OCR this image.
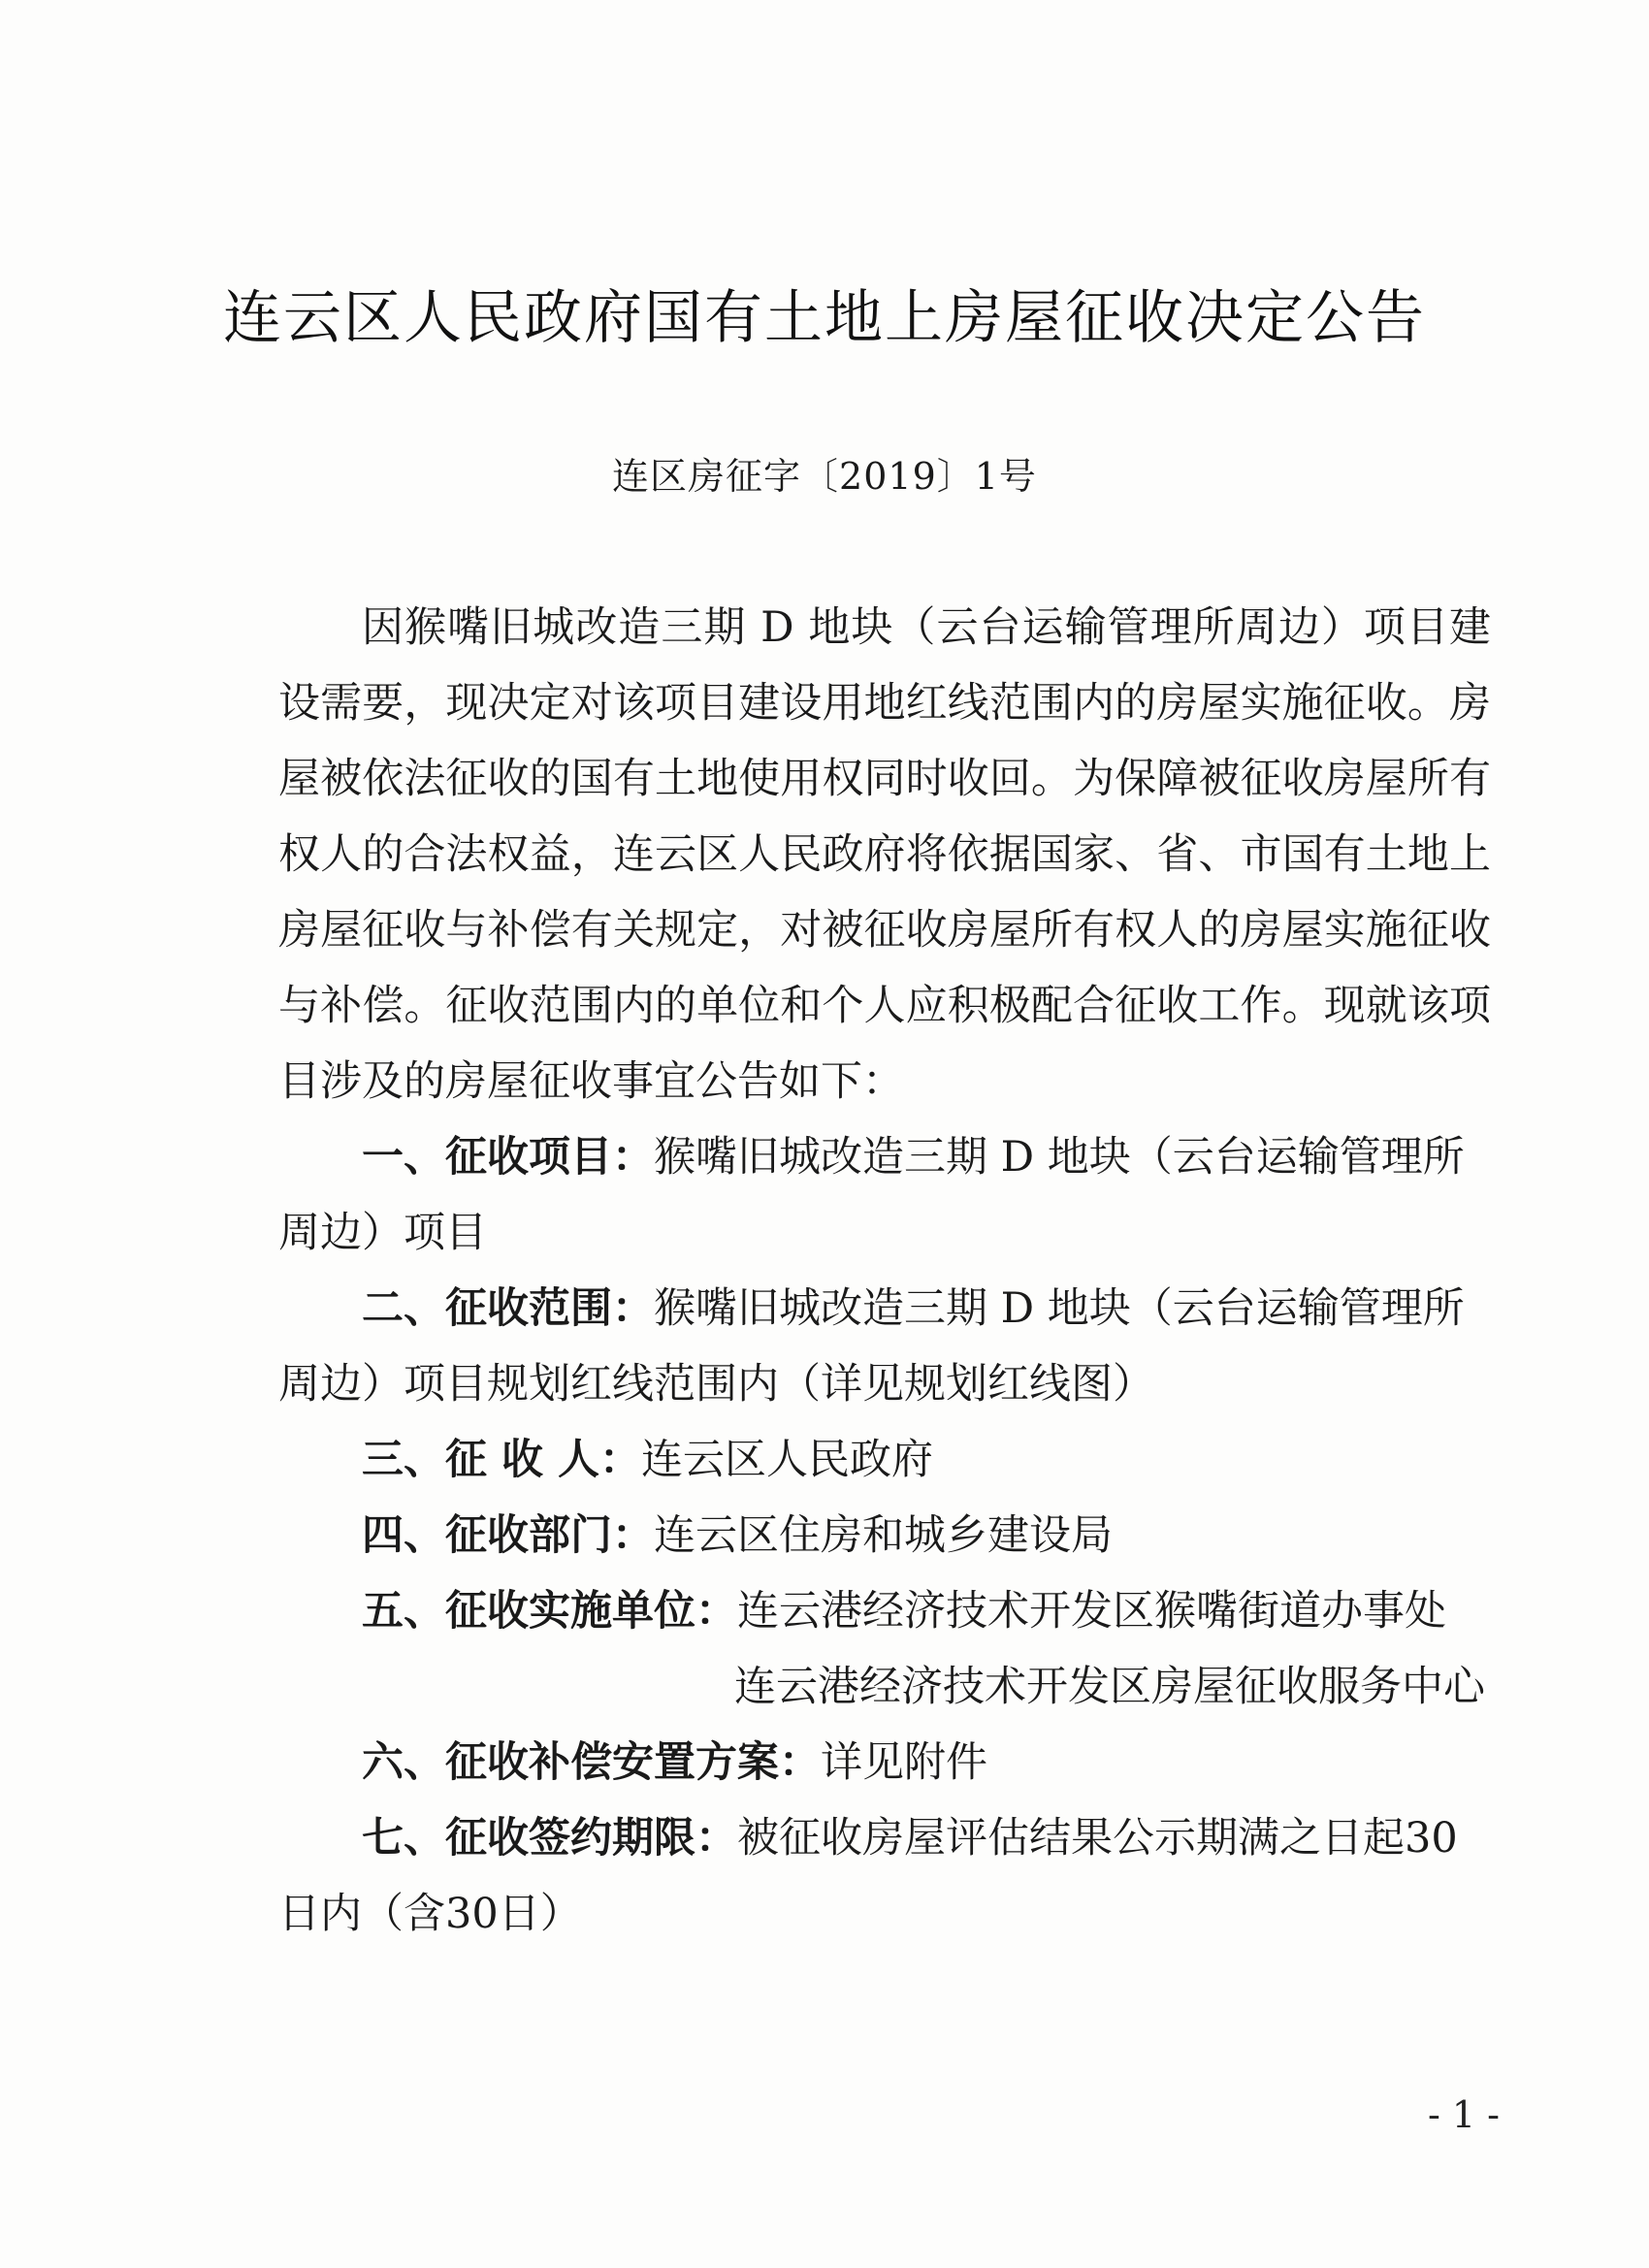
连云区人民政府国有土地上房屋征收决定公告
连区房征字〔2019〕1号

因猴嘴旧城改造三期 D 地块（云台运输管理所周边）项目建设需要，现决定对该项目建设用地红线范围内的房屋实施征收。房屋被依法征收的国有土地使用权同时收回。为保障被征收房屋所有权人的合法权益，连云区人民政府将依据国家、省、市国有土地上房屋征收与补偿有关规定，对被征收房屋所有权人的房屋实施征收与补偿。征收范围内的单位和个人应积极配合征收工作。现就该项目涉及的房屋征收事宜公告如下：

一、征收项目：猴嘴旧城改造三期 D 地块（云台运输管理所周边）项目

二、征收范围：猴嘴旧城改造三期 D 地块（云台运输管理所周边）项目规划红线范围内（详见规划红线图）

三、征 收 人：连云区人民政府

四、征收部门：连云区住房和城乡建设局

五、征收实施单位：连云港经济技术开发区猴嘴街道办事处

连云港经济技术开发区房屋征收服务中心

六、征收补偿安置方案：详见附件

七、征收签约期限：被征收房屋评估结果公示期满之日起30日内（含30日）

- 1 -
